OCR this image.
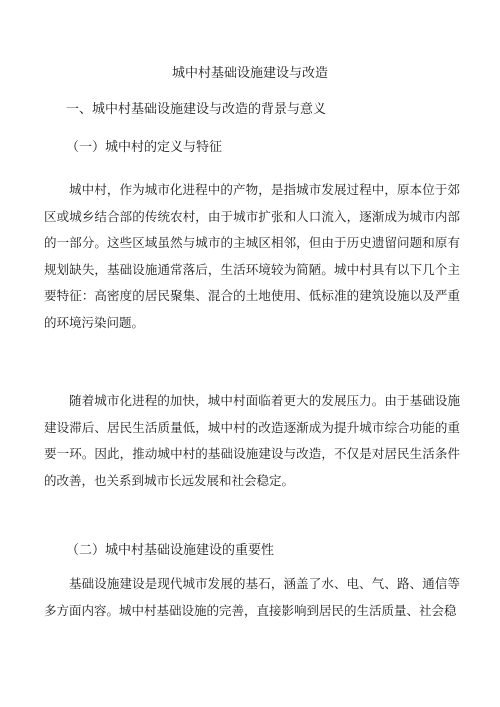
城中村基础设施建设与改造
一、城中村基础设施建设与改造的背景与意义
（一）城中村的定义与特征

城中村，作为城市化进程中的产物，是指城市发展过程中，原本位于郊区或城乡结合部的传统农村，由于城市扩张和人口流入，逐渐成为城市内部的一部分。这些区域虽然与城市的主城区相邻，但由于历史遗留问题和原有规划缺失，基础设施通常落后，生活环境较为简陋。城中村具有以下几个主要特征：高密度的居民聚集、混合的土地使用、低标准的建筑设施以及严重的环境污染问题。

随着城市化进程的加快，城中村面临着更大的发展压力。由于基础设施建设滞后、居民生活质量低，城中村的改造逐渐成为提升城市综合功能的重要一环。因此，推动城中村的基础设施建设与改造，不仅是对居民生活条件的改善，也关系到城市长远发展和社会稳定。

（二）城中村基础设施建设的重要性

基础设施建设是现代城市发展的基石，涵盖了水、电、气、路、通信等多方面内容。城中村基础设施的完善，直接影响到居民的生活质量、社会稳
